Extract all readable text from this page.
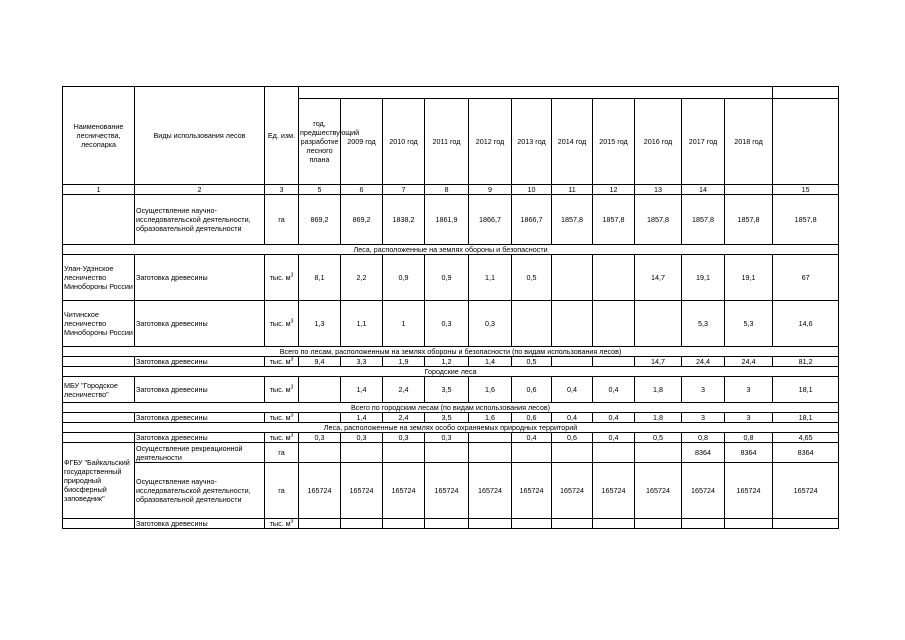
Наименование лесничества, лесопарка	Виды использования лесов	Ед. изм.			
			год, предшествующий разработке лесного плана	2009 год	2010 год	2011 год	2012 год	2013 год	2014 год	2015 год	2016 год	2017 год	2018 год		
1	2	3	5	6	7	8	9	10	11	12	13	14		15	
	Осуществление научно-исследовательской деятельности, образовательной деятельности	га	869,2	869,2	1838,2	1861,9	1866,7	1866,7	1857,8	1857,8	1857,8	1857,8	1857,8	1857,8	
Леса, расположенные на землях обороны и безопасности															
Улан-Удэнское лесничество Минобороны России	Заготовка древесины	тыс. $м^3$	8,1	2,2	0,9	0,9	1,1	0,5			14,7	19,1	19,1	67	
Читинское лесничество Минобороны России	Заготовка древесины	тыс. $м^3$	1,3	1,1	1	0,3	0,3					5,3	5,3	14,6	
Всего по лесам, расположенным на землях обороны и безопасности (по видам использования лесов)															
	Заготовка древесины	тыс. $м^3$	9,4	3,3	1,9	1,2	1,4	0,5			14,7	24,4	24,4	81,2	
Городские леса															
МБУ "Городское лесничество"	Заготовка древесины	тыс. $м^3$		1,4	2,4	3,5	1,6	0,6	0,4	0,4	1,8	3	3	18,1	
Всего по городским лесам (по видам использования лесов)															
	Заготовка древесины	тыс. $м^3$		1,4	2,4	3,5	1,6	0,6	0,4	0,4	1,8	3	3	18,1	
Леса, расположенные на землях особо охраняемых природных территорий															
	Заготовка древесины	тыс. $м^3$	0,3	0,3	0,3	0,3		0,4	0,6	0,4	0,5	0,8	0,8	4,65	
ФГБУ "Байкальский государственный природный биосферный заповедник"	Осуществление рекреационной деятельности	га										8364	8364	8364	
	Осуществление научно-исследовательской деятельности, образовательной деятельности	га	165724	165724	165724	165724	165724	165724	165724	165724	165724	165724	165724	165724	
	Заготовка древесины	тыс. $м^3$												
